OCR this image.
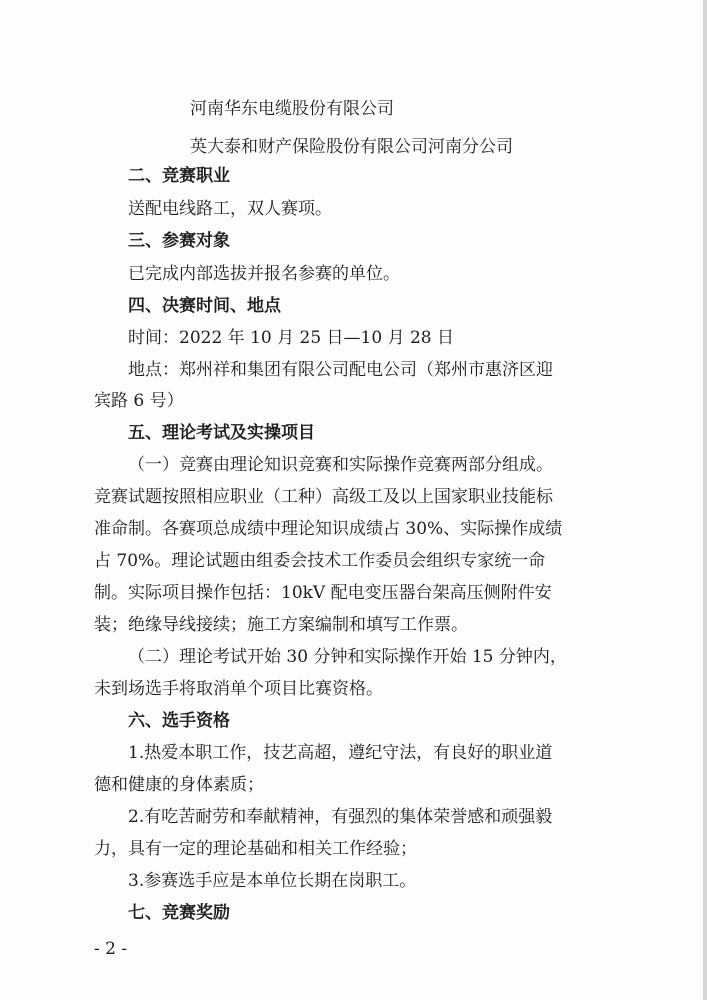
河南华东电缆股份有限公司
英大泰和财产保险股份有限公司河南分公司
二、竞赛职业
送配电线路工，双人赛项。
三、参赛对象
已完成内部选拔并报名参赛的单位。
四、决赛时间、地点
时间：2022 年 10 月 25 日—10 月 28 日
地点：郑州祥和集团有限公司配电公司（郑州市惠济区迎
宾路 6 号）
五、理论考试及实操项目
（一）竞赛由理论知识竞赛和实际操作竞赛两部分组成。
竞赛试题按照相应职业（工种）高级工及以上国家职业技能标
准命制。各赛项总成绩中理论知识成绩占 30%、实际操作成绩
占 70%。理论试题由组委会技术工作委员会组织专家统一命
制。实际项目操作包括：10kV 配电变压器台架高压侧附件安
装；绝缘导线接续；施工方案编制和填写工作票。
（二）理论考试开始 30 分钟和实际操作开始 15 分钟内，
未到场选手将取消单个项目比赛资格。
六、选手资格
1.热爱本职工作，技艺高超，遵纪守法，有良好的职业道
德和健康的身体素质；
2.有吃苦耐劳和奉献精神，有强烈的集体荣誉感和顽强毅
力，具有一定的理论基础和相关工作经验；
3.参赛选手应是本单位长期在岗职工。
七、竞赛奖励
- 2 -
